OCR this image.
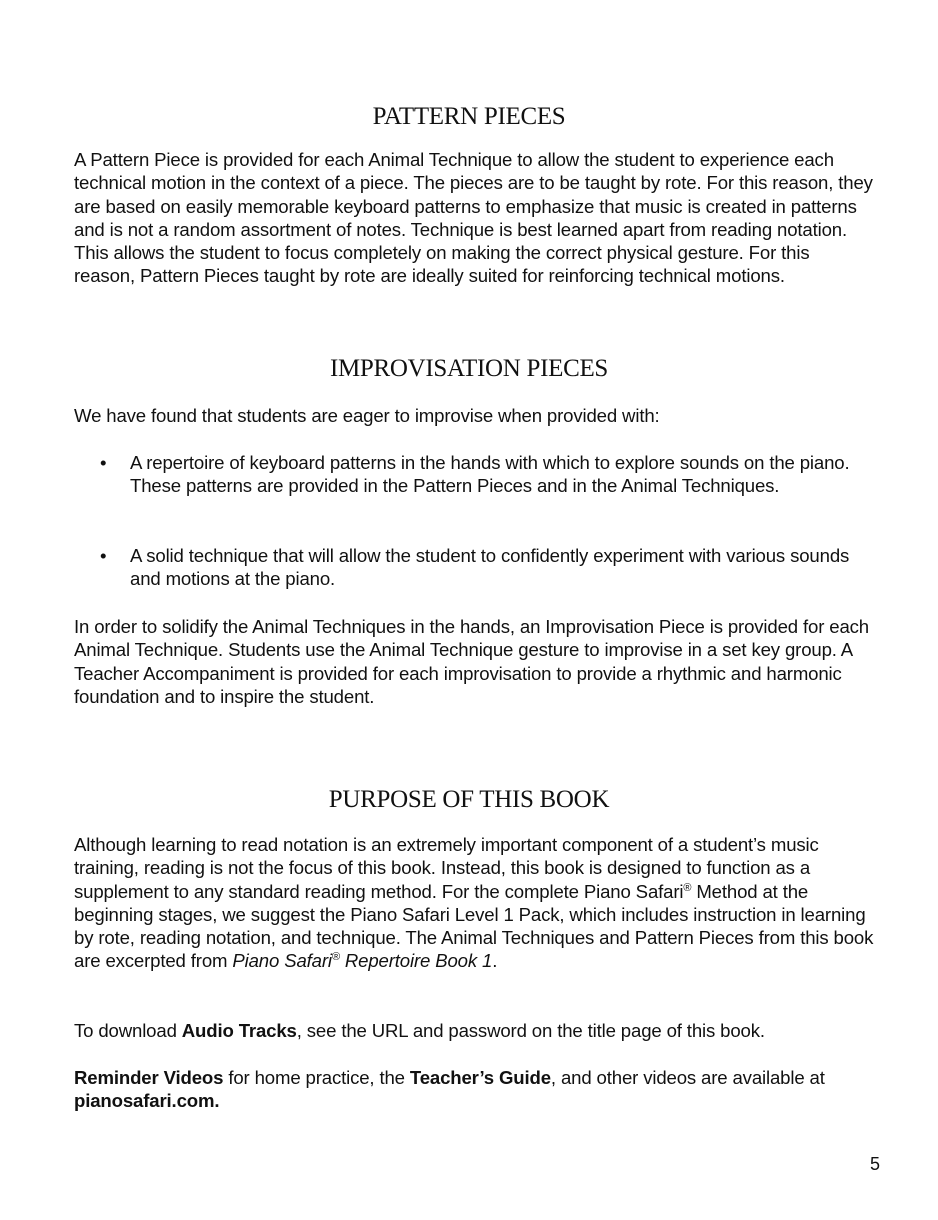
PATTERN PIECES

A Pattern Piece is provided for each Animal Technique to allow the student to experience each technical motion in the context of a piece. The pieces are to be taught by rote. For this reason, they are based on easily memorable keyboard patterns to emphasize that music is created in patterns and is not a random assortment of notes. Technique is best learned apart from reading notation. This allows the student to focus completely on making the correct physical gesture. For this reason, Pattern Pieces taught by rote are ideally suited for reinforcing technical motions.

IMPROVISATION PIECES

We have found that students are eager to improvise when provided with:

• A repertoire of keyboard patterns in the hands with which to explore sounds on the piano. These patterns are provided in the Pattern Pieces and in the Animal Techniques.

• A solid technique that will allow the student to confidently experiment with various sounds and motions at the piano.

In order to solidify the Animal Techniques in the hands, an Improvisation Piece is provided for each Animal Technique. Students use the Animal Technique gesture to improvise in a set key group. A Teacher Accompaniment is provided for each improvisation to provide a rhythmic and harmonic foundation and to inspire the student.

PURPOSE OF THIS BOOK

Although learning to read notation is an extremely important component of a student’s music training, reading is not the focus of this book. Instead, this book is designed to function as a supplement to any standard reading method. For the complete Piano Safari® Method at the beginning stages, we suggest the Piano Safari Level 1 Pack, which includes instruction in learning by rote, reading notation, and technique. The Animal Techniques and Pattern Pieces from this book are excerpted from Piano Safari® Repertoire Book 1.

To download Audio Tracks, see the URL and password on the title page of this book.

Reminder Videos for home practice, the Teacher’s Guide, and other videos are available at pianosafari.com.

5
